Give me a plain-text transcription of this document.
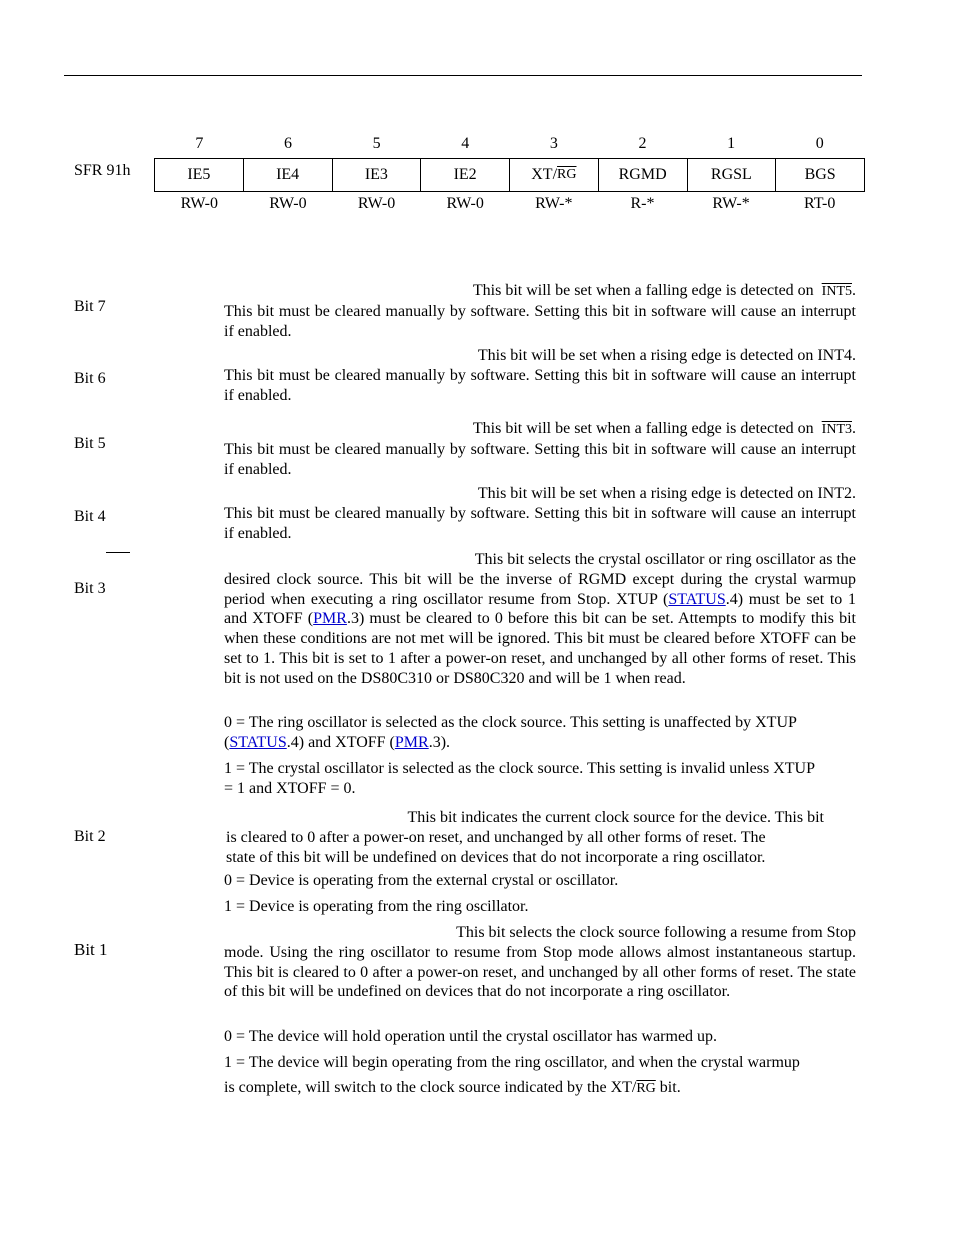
SFR 91h
7	6	5	4	3	2	1	0
IE5	IE4	IE3	IE2	XT/ $\overline{RG}$	RGMD	RGSL	BGS
RW-0	RW-0	RW-0	RW-0	RW-*	R-*	RW-*	RT-0
Bit 7

This bit will be set when a falling edge is detected on INT5.

This bit must be cleared manually by software. Setting this bit in software will cause an interrupt if enabled.

Bit 6

This bit will be set when a rising edge is detected on INT4.

This bit must be cleared manually by software. Setting this bit in software will cause an interrupt if enabled.

Bit 5

This bit will be set when a falling edge is detected on INT3.

This bit must be cleared manually by software. Setting this bit in software will cause an interrupt if enabled.

Bit 4

This bit will be set when a rising edge is detected on INT2.

This bit must be cleared manually by software. Setting this bit in software will cause an interrupt if enabled.

Bit 3

This bit selects the crystal oscillator or ring oscillator as the

desired clock source. This bit will be the inverse of RGMD except during the crystal warmup period when executing a ring oscillator resume from Stop. XTUP (STATUS.4) must be set to 1 and XTOFF (PMR.3) must be cleared to 0 before this bit can be set. Attempts to modify this bit when these conditions are not met will be ignored. This bit must be cleared before XTOFF can be set to 1. This bit is set to 1 after a power-on reset, and unchanged by all other forms of reset. This bit is not used on the DS80C310 or DS80C320 and will be 1 when read.

0 = The ring oscillator is selected as the clock source. This setting is unaffected by XTUP (STATUS.4) and XTOFF (PMR.3).
1 = The crystal oscillator is selected as the clock source. This setting is invalid unless XTUP = 1 and XTOFF = 0.
Bit 2
This bit indicates the current clock source for the device. This bit
is cleared to 0 after a power-on reset, and unchanged by all other forms of reset. The
state of this bit will be undefined on devices that do not incorporate a ring oscillator.
0 = Device is operating from the external crystal or oscillator.
1 = Device is operating from the ring oscillator.
Bit 1

This bit selects the clock source following a resume from Stop

mode. Using the ring oscillator to resume from Stop mode allows almost instantaneous startup. This bit is cleared to 0 after a power-on reset, and unchanged by all other forms of reset. The state of this bit will be undefined on devices that do not incorporate a ring oscillator.

0 = The device will hold operation until the crystal oscillator has warmed up.
1 = The device will begin operating from the ring oscillator, and when the crystal warmup
is complete, will switch to the clock source indicated by the $XT/\overline{RG}$ bit.
